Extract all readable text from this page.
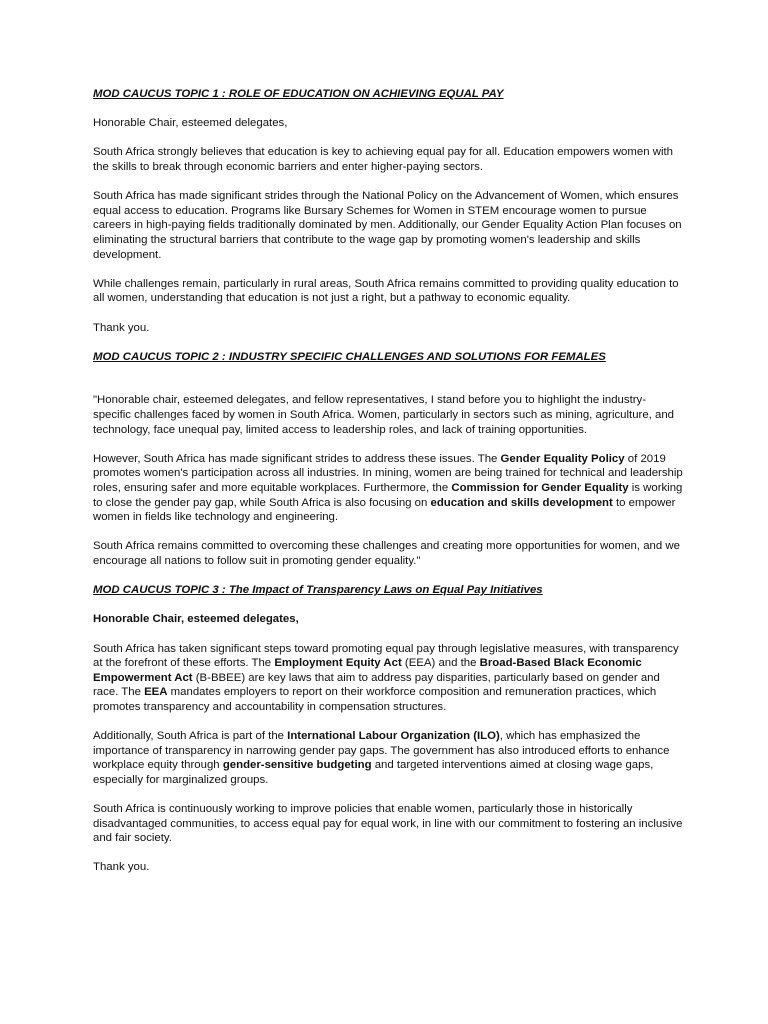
MOD CAUCUS TOPIC 1 : ROLE OF EDUCATION ON ACHIEVING EQUAL PAY

Honorable Chair, esteemed delegates,

South Africa strongly believes that education is key to achieving equal pay for all. Education empowers women with the skills to break through economic barriers and enter higher-paying sectors.

South Africa has made significant strides through the National Policy on the Advancement of Women, which ensures equal access to education. Programs like Bursary Schemes for Women in STEM encourage women to pursue careers in high-paying fields traditionally dominated by men. Additionally, our Gender Equality Action Plan focuses on eliminating the structural barriers that contribute to the wage gap by promoting women's leadership and skills development.

While challenges remain, particularly in rural areas, South Africa remains committed to providing quality education to all women, understanding that education is not just a right, but a pathway to economic equality.

Thank you.

MOD CAUCUS TOPIC 2 : INDUSTRY SPECIFIC CHALLENGES AND SOLUTIONS FOR FEMALES

"Honorable chair, esteemed delegates, and fellow representatives, I stand before you to highlight the industry-specific challenges faced by women in South Africa. Women, particularly in sectors such as mining, agriculture, and technology, face unequal pay, limited access to leadership roles, and lack of training opportunities.

However, South Africa has made significant strides to address these issues. The Gender Equality Policy of 2019 promotes women's participation across all industries. In mining, women are being trained for technical and leadership roles, ensuring safer and more equitable workplaces. Furthermore, the Commission for Gender Equality is working to close the gender pay gap, while South Africa is also focusing on education and skills development to empower women in fields like technology and engineering.

South Africa remains committed to overcoming these challenges and creating more opportunities for women, and we encourage all nations to follow suit in promoting gender equality."

MOD CAUCUS TOPIC 3 : The Impact of Transparency Laws on Equal Pay Initiatives

Honorable Chair, esteemed delegates,

South Africa has taken significant steps toward promoting equal pay through legislative measures, with transparency at the forefront of these efforts. The Employment Equity Act (EEA) and the Broad-Based Black Economic Empowerment Act (B-BBEE) are key laws that aim to address pay disparities, particularly based on gender and race. The EEA mandates employers to report on their workforce composition and remuneration practices, which promotes transparency and accountability in compensation structures.

Additionally, South Africa is part of the International Labour Organization (ILO), which has emphasized the importance of transparency in narrowing gender pay gaps. The government has also introduced efforts to enhance workplace equity through gender-sensitive budgeting and targeted interventions aimed at closing wage gaps, especially for marginalized groups.

South Africa is continuously working to improve policies that enable women, particularly those in historically disadvantaged communities, to access equal pay for equal work, in line with our commitment to fostering an inclusive and fair society.

Thank you.
